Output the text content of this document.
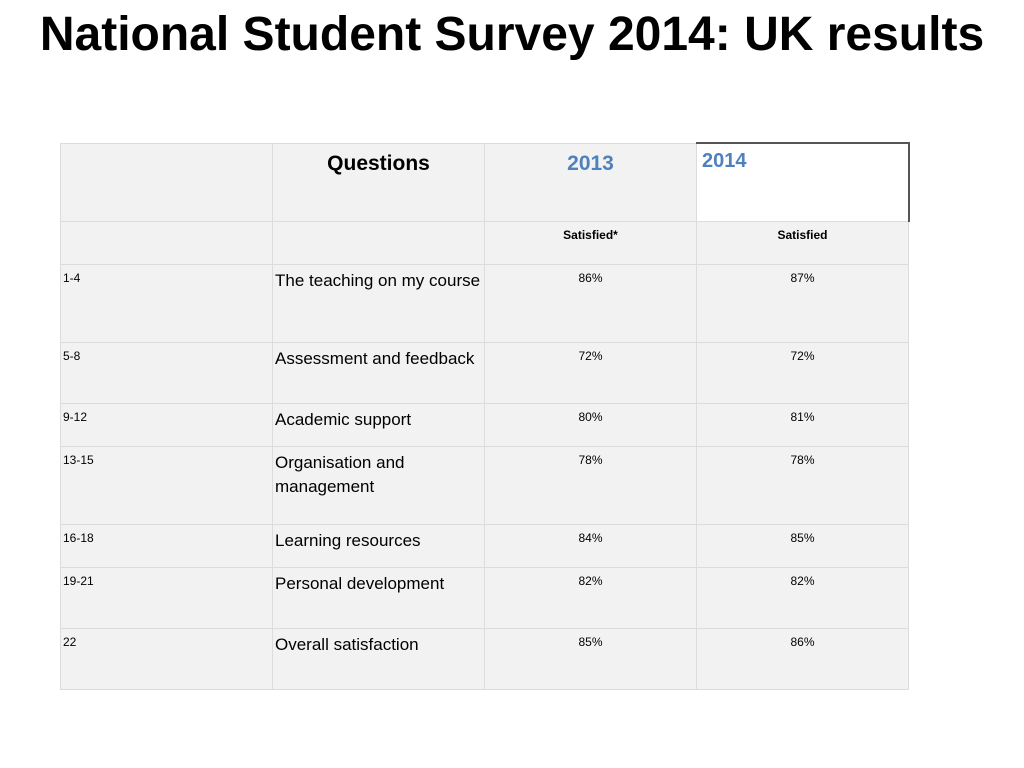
National Student Survey 2014: UK results

	Questions	2013	2014

		Satisfied*	Satisfied

1-4	The teaching on my course	86%	87%

5-8	Assessment and feedback	72%	72%

9-12	Academic support	80%	81%

13-15	Organisation and management	78%	78%

16-18	Learning resources	84%	85%

19-21	Personal development	82%	82%

22	Overall satisfaction	85%	86%
